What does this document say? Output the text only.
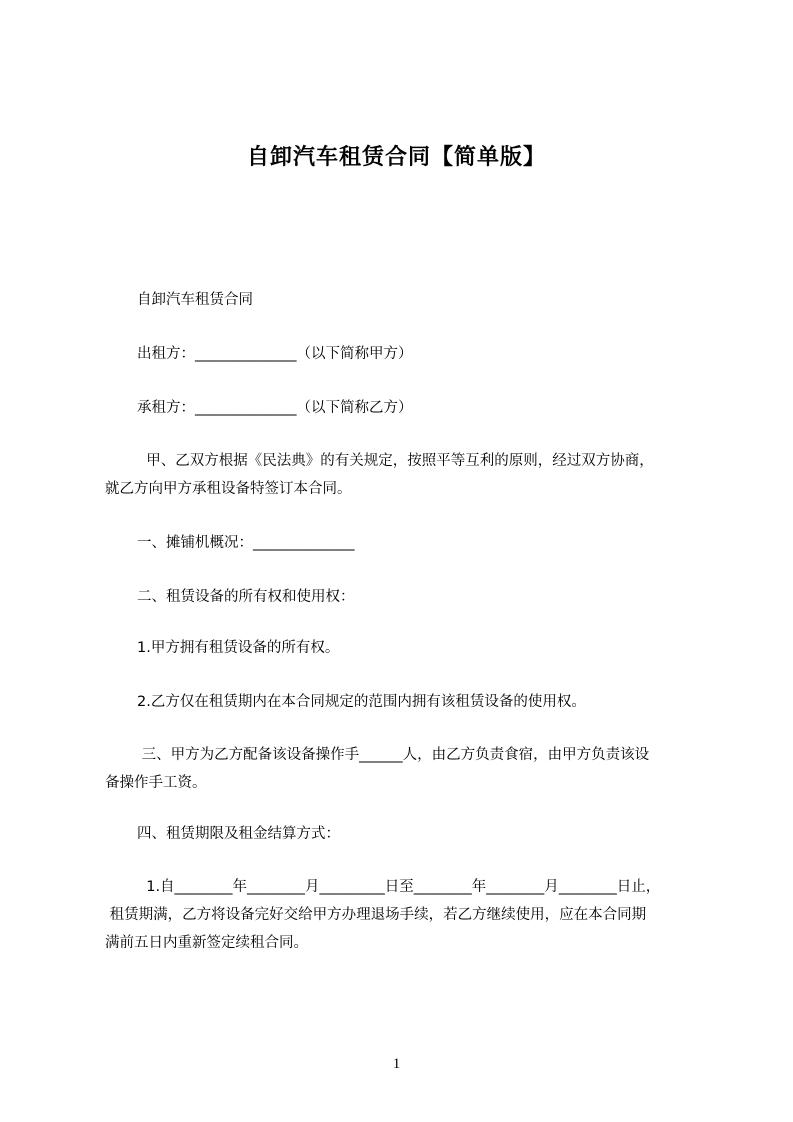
自卸汽车租赁合同【简单版】
自卸汽车租赁合同
出租方：______________（以下简称甲方）
承租方：______________（以下简称乙方）
甲、乙双方根据《民法典》的有关规定，按照平等互利的原则，经过双方协商，
就乙方向甲方承租设备特签订本合同。
一、摊铺机概况：______________
二、租赁设备的所有权和使用权：
1.甲方拥有租赁设备的所有权。
2.乙方仅在租赁期内在本合同规定的范围内拥有该租赁设备的使用权。
三、甲方为乙方配备该设备操作手______人，由乙方负责食宿，由甲方负责该设
备操作手工资。
四、租赁期限及租金结算方式：
1.自________年________月_________日至________年________月________日止，
租赁期满，乙方将设备完好交给甲方办理退场手续，若乙方继续使用，应在本合同期
满前五日内重新签定续租合同。
1
